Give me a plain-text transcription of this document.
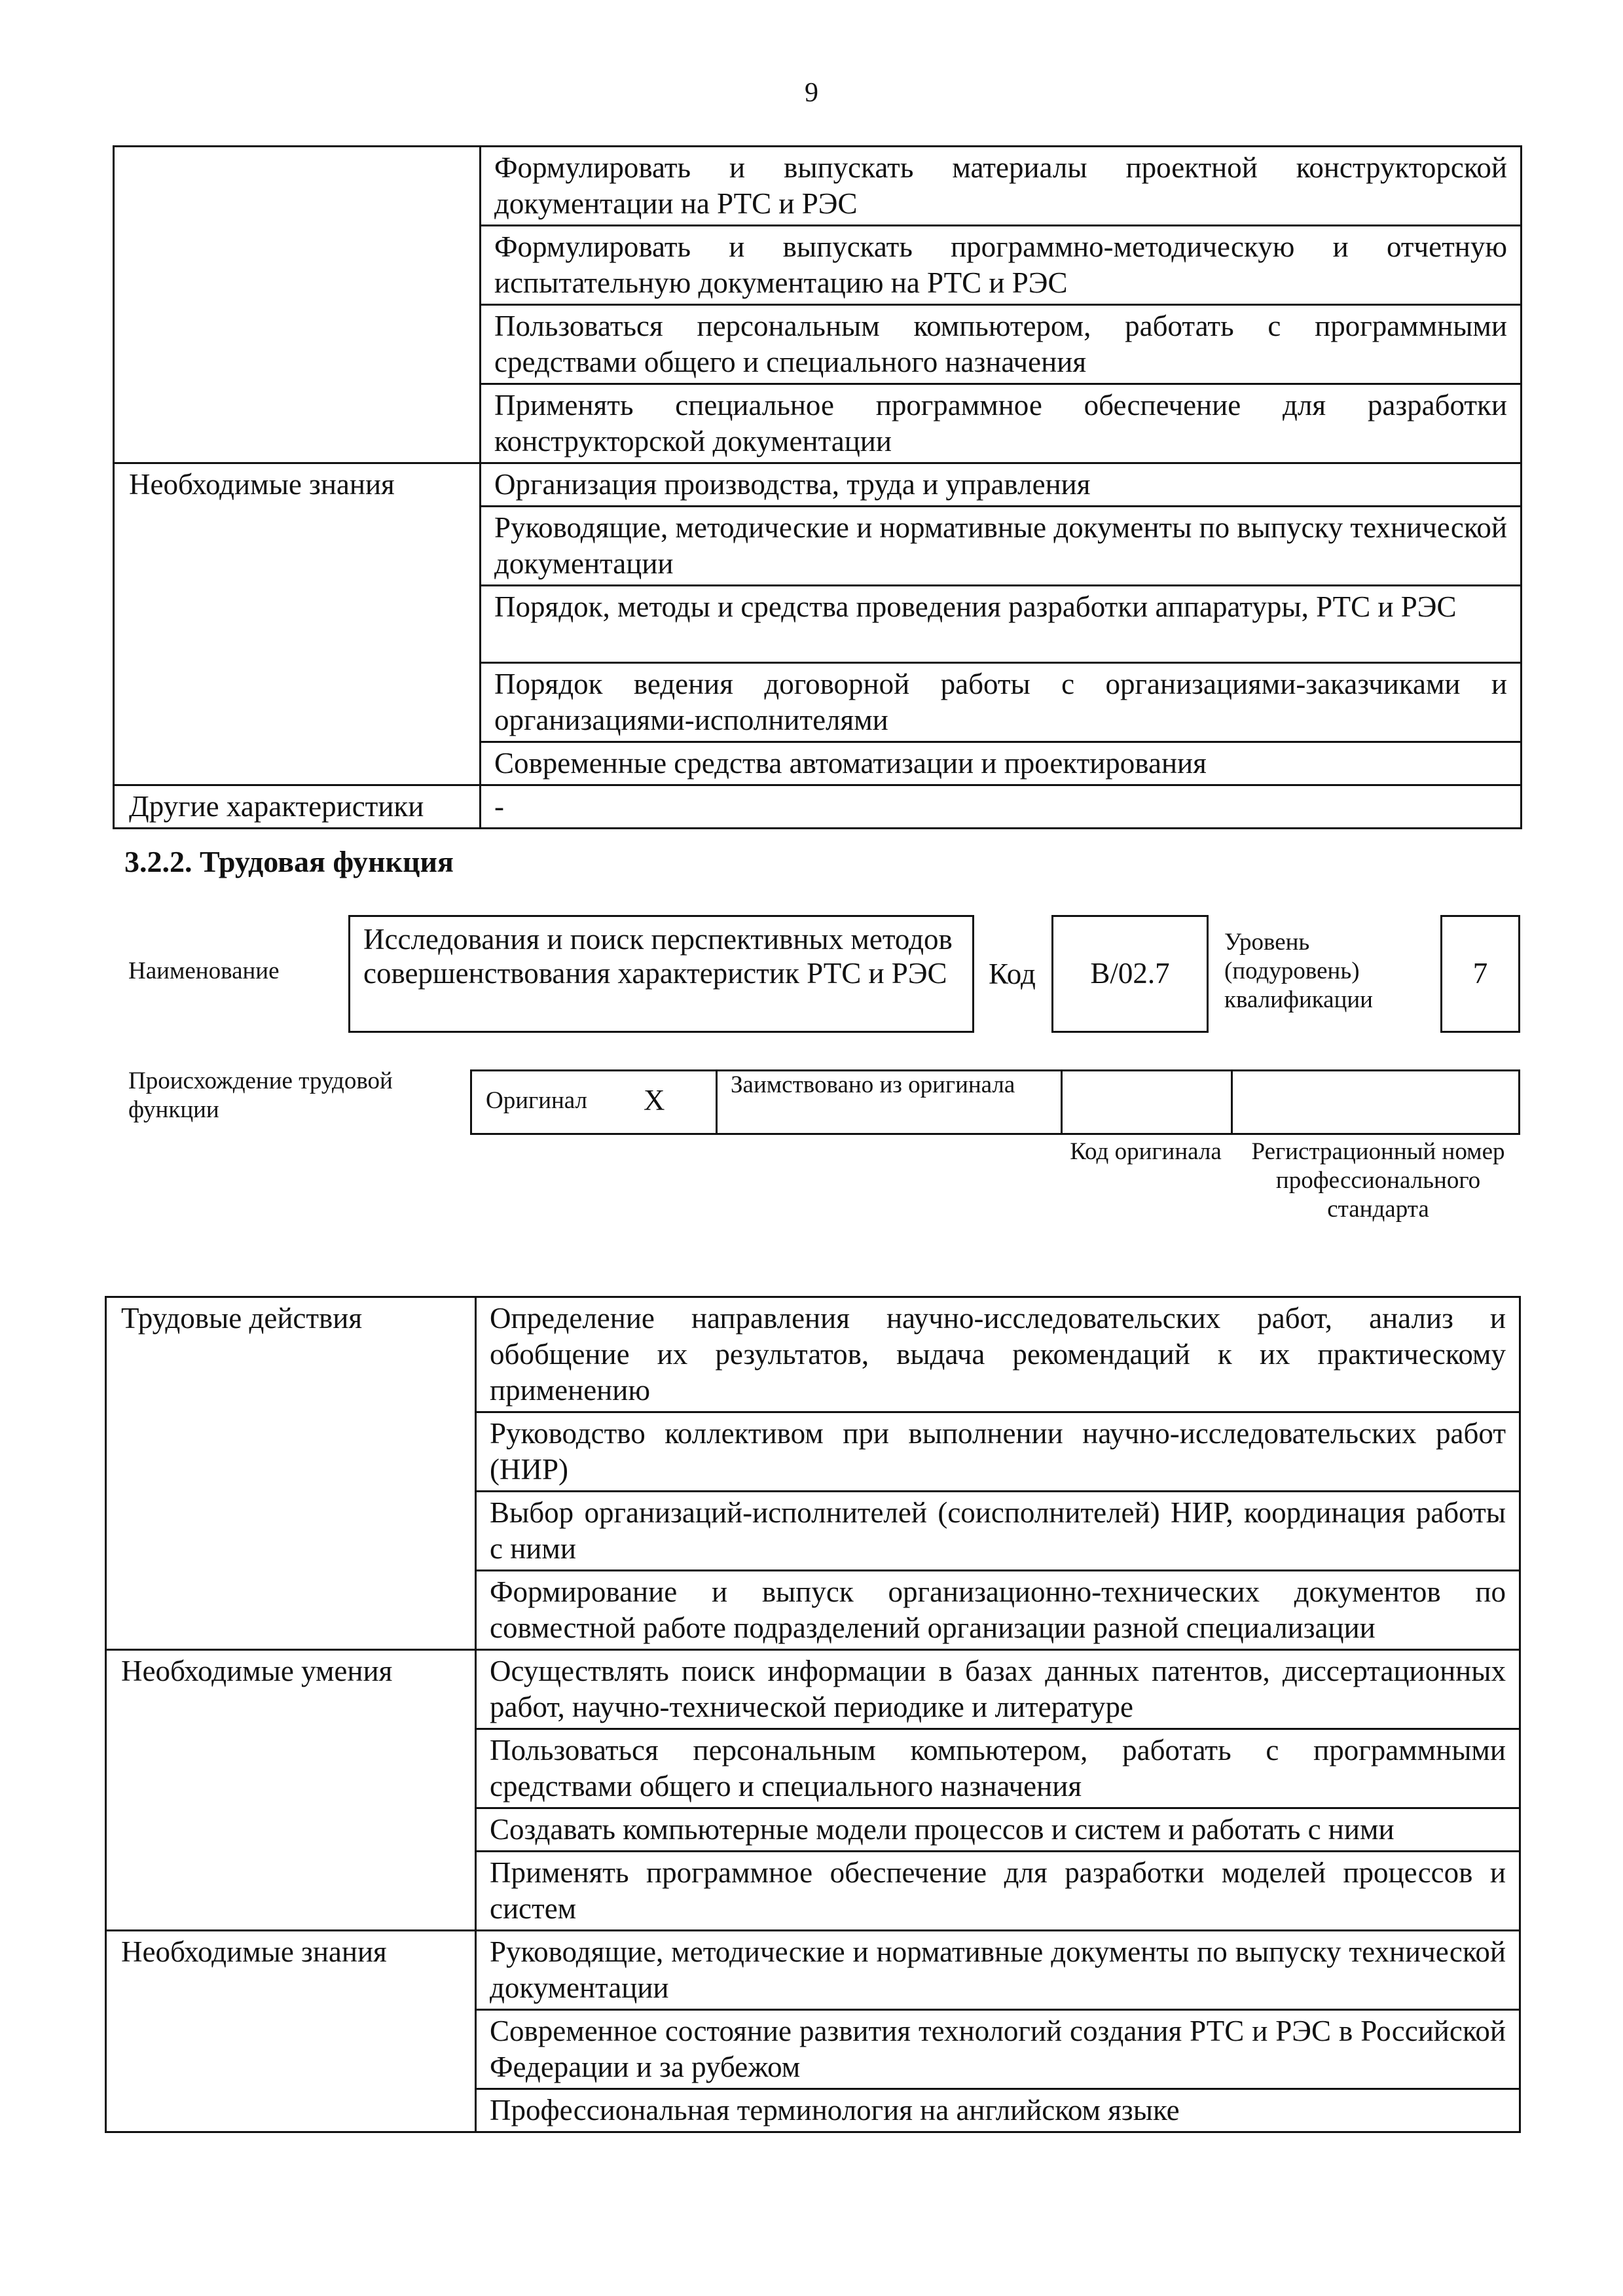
9
	Формулировать и выпускать материалы проектной конструкторской документации на РТС и РЭС
	Формулировать и выпускать программно-методическую и отчетную испытательную документацию на РТС и РЭС
	Пользоваться персональным компьютером, работать с программными средствами общего и специального назначения
	Применять специальное программное обеспечение для разработки конструкторской документации
Необходимые знания	Организация производства, труда и управления
	Руководящие, методические и нормативные документы по выпуску технической документации
	Порядок, методы и средства проведения разработки аппаратуры, РТС и РЭС
	Порядок ведения договорной работы с организациями-заказчиками и организациями-исполнителями
	Современные средства автоматизации и проектирования
Другие характеристики	-
3.2.2. Трудовая функция
Наименование
Исследования и поиск перспективных методов совершенствования характеристик РТС и РЭС	Код	B/02.7
Уровень (подуровень) квалификации
7
Происхождение трудовой функции	Оригинал X	Заимствовано из оригинала
Код оригинала	Регистрационный номер профессионального стандарта
Трудовые действия	Определение направления научно-исследовательских работ, анализ и обобщение их результатов, выдача рекомендаций к их практическому применению
	Руководство коллективом при выполнении научно-исследовательских работ (НИР)
	Выбор организаций-исполнителей (соисполнителей) НИР, координация работы с ними
	Формирование и выпуск организационно-технических документов по совместной работе подразделений организации разной специализации
Необходимые умения	Осуществлять поиск информации в базах данных патентов, диссертационных работ, научно-технической периодике и литературе
	Пользоваться персональным компьютером, работать с программными средствами общего и специального назначения
	Создавать компьютерные модели процессов и систем и работать с ними
	Применять программное обеспечение для разработки моделей процессов и систем
Необходимые знания	Руководящие, методические и нормативные документы по выпуску технической документации
	Современное состояние развития технологий создания РТС и РЭС в Российской Федерации и за рубежом
	Профессиональная терминология на английском языке
